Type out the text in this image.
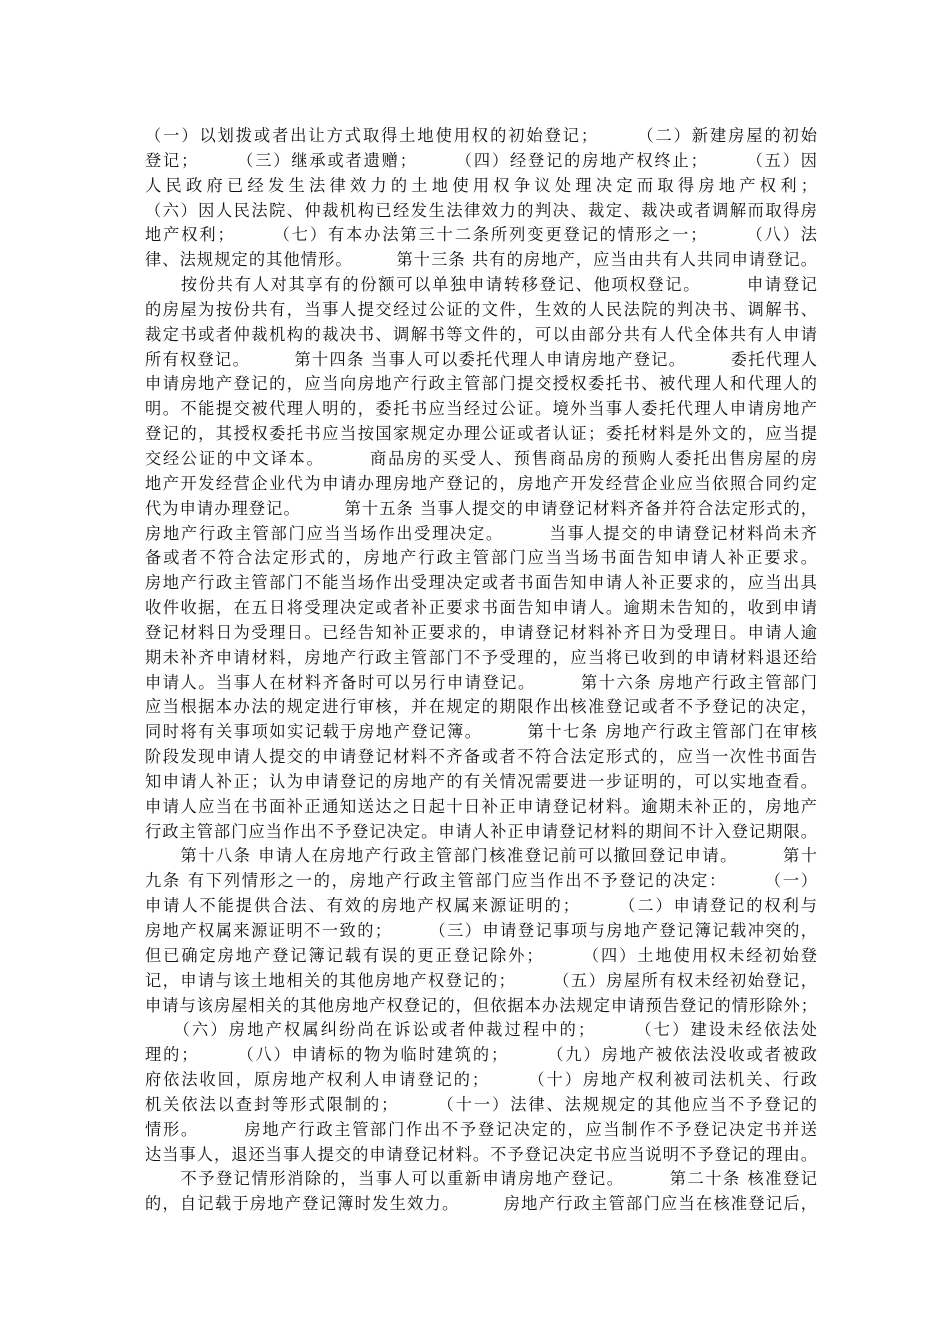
（一）以划拨或者出让方式取得土地使用权的初始登记；　　　（二）新建房屋的初始
登记；　　　（三）继承或者遗赠；　　　（四）经登记的房地产权终止；　　　（五）因
人民政府已经发生法律效力的土地使用权争议处理决定而取得房地产权利；
（六）因人民法院、仲裁机构已经发生法律效力的判决、裁定、裁决或者调解而取得房
地产权利；　　　（七）有本办法第三十二条所列变更登记的情形之一；　　　（八）法
律、法规规定的其他情形。　　　第十三条 共有的房地产，应当由共有人共同申请登记。
　　按份共有人对其享有的份额可以单独申请转移登记、他项权登记。　　　申请登记
的房屋为按份共有，当事人提交经过公证的文件，生效的人民法院的判决书、调解书、
裁定书或者仲裁机构的裁决书、调解书等文件的，可以由部分共有人代全体共有人申请
所有权登记。　　　第十四条 当事人可以委托代理人申请房地产登记。　　　委托代理人
申请房地产登记的，应当向房地产行政主管部门提交授权委托书、被代理人和代理人的
明。不能提交被代理人明的，委托书应当经过公证。境外当事人委托代理人申请房地产
登记的，其授权委托书应当按国家规定办理公证或者认证；委托材料是外文的，应当提
交经公证的中文译本。　　　商品房的买受人、预售商品房的预购人委托出售房屋的房
地产开发经营企业代为申请办理房地产登记的，房地产开发经营企业应当依照合同约定
代为申请办理登记。　　　第十五条 当事人提交的申请登记材料齐备并符合法定形式的，
房地产行政主管部门应当当场作出受理决定。　　　当事人提交的申请登记材料尚未齐
备或者不符合法定形式的，房地产行政主管部门应当当场书面告知申请人补正要求。
房地产行政主管部门不能当场作出受理决定或者书面告知申请人补正要求的，应当出具
收件收据，在五日将受理决定或者补正要求书面告知申请人。逾期未告知的，收到申请
登记材料日为受理日。已经告知补正要求的，申请登记材料补齐日为受理日。申请人逾
期未补齐申请材料，房地产行政主管部门不予受理的，应当将已收到的申请材料退还给
申请人。当事人在材料齐备时可以另行申请登记。　　　第十六条 房地产行政主管部门
应当根据本办法的规定进行审核，并在规定的期限作出核准登记或者不予登记的决定，
同时将有关事项如实记载于房地产登记簿。　　　第十七条 房地产行政主管部门在审核
阶段发现申请人提交的申请登记材料不齐备或者不符合法定形式的，应当一次性书面告
知申请人补正；认为申请登记的房地产的有关情况需要进一步证明的，可以实地查看。
申请人应当在书面补正通知送达之日起十日补正申请登记材料。逾期未补正的，房地产
行政主管部门应当作出不予登记决定。申请人补正申请登记材料的期间不计入登记期限。
　　第十八条 申请人在房地产行政主管部门核准登记前可以撤回登记申请。　　　第十
九条 有下列情形之一的，房地产行政主管部门应当作出不予登记的决定：　　　（一）
申请人不能提供合法、有效的房地产权属来源证明的；　　　（二）申请登记的权利与
房地产权属来源证明不一致的；　　　（三）申请登记事项与房地产登记簿记载冲突的，
但已确定房地产登记簿记载有误的更正登记除外；　　　（四）土地使用权未经初始登
记，申请与该土地相关的其他房地产权登记的；　　　（五）房屋所有权未经初始登记，
申请与该房屋相关的其他房地产权登记的，但依据本办法规定申请预告登记的情形除外；
　　（六）房地产权属纠纷尚在诉讼或者仲裁过程中的；　　　（七）建设未经依法处
理的；　　　（八）申请标的物为临时建筑的；　　　（九）房地产被依法没收或者被政
府依法收回，原房地产权利人申请登记的；　　　（十）房地产权利被司法机关、行政
机关依法以查封等形式限制的；　　　（十一）法律、法规规定的其他应当不予登记的
情形。　　　房地产行政主管部门作出不予登记决定的，应当制作不予登记决定书并送
达当事人，退还当事人提交的申请登记材料。不予登记决定书应当说明不予登记的理由。
　　不予登记情形消除的，当事人可以重新申请房地产登记。　　　第二十条 核准登记
的，自记载于房地产登记簿时发生效力。　　　房地产行政主管部门应当在核准登记后，
